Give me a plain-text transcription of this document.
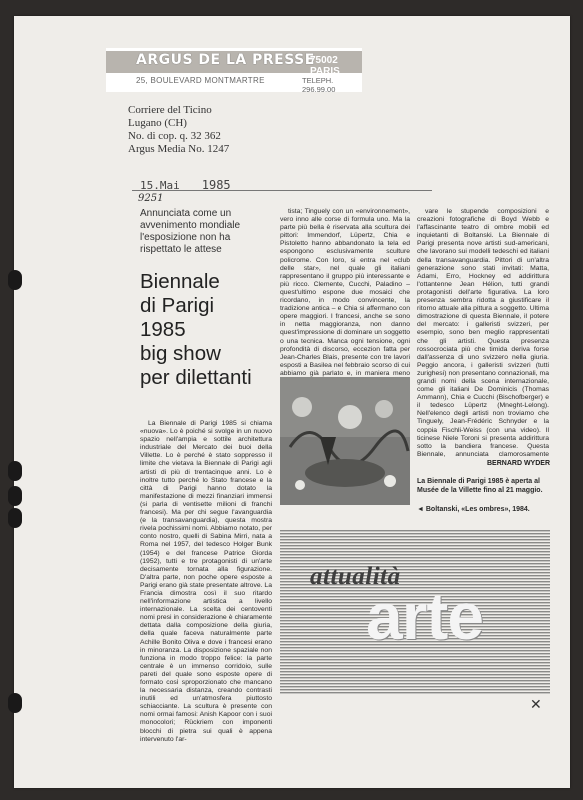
ARGUS DE LA PRESSE
75002 PARIS
25, BOULEVARD MONTMARTRE	TELEPH. 296.99.00
Corriere del Ticino
Lugano (CH)
No. di cop. q. 32 362
Argus Media No. 1247
15.Mai 1985
9251
Annunciata come un avvenimento mondiale l'esposizione non ha rispettato le attese
Biennale
di Parigi
1985
big show
per dilettanti

La Biennale di Parigi 1985 si chiama «nuova». Lo è poiché si svolge in un nuovo spazio nell'ampia e sottile architettura industriale del Mercato dei buoi della Villette. Lo è perché è stato soppresso il limite che vietava la Biennale di Parigi agli artisti di più di trentacinque anni. Lo è inoltre tutto perché lo Stato francese e la città di Parigi hanno dotato la manifestazione di mezzi finanziari immensi (si parla di ventisette milioni di franchi francesi). Ma per chi segue l'avanguardia (e la transavanguardia), questa mostra rivela pochissimi nomi. Abbiamo notato, per conto nostro, quelli di Sabina Mirri, nata a Roma nel 1957, del tedesco Holger Bunk (1954) e del francese Patrice Giorda (1952), tutti e tre protagonisti di un'arte decisamente tornata alla figurazione. D'altra parte, non poche opere esposte a Parigi erano già state presentate altrove. La Francia dimostra così il suo ritardo nell'informazione artistica a livello internazionale. La scelta dei centoventi nomi presi in considerazione è chiaramente dettata dalla composizione della giuria, della quale faceva naturalmente parte Achille Bonito Oliva e dove i francesi erano in minoranza. La disposizione spaziale non funziona in modo troppo felice: la parte centrale è un immenso corridoio, sulle pareti del quale sono esposte opere di formato così sproporzionato che mancano la necessaria distanza, creando contrasti inutili ed un'atmosfera piuttosto schiacciante. La scultura è presente con nomi ormai famosi: Anish Kapoor con i suoi monocolori; Rückriem con imponenti blocchi di pietra sui quali è appena intervenuto l'ar-

tista; Tinguely con un «environnement», vero inno alle corse di formula uno. Ma la parte più bella è riservata alla scultura dei pittori: Immendorf, Lüpertz, Chia e Pistoletto hanno abbandonato la tela ed espongono esclusivamente sculture policrome. Con loro, si entra nel «club delle star», nel quale gli italiani rappresentano il gruppo più interessante e più ricco. Clemente, Cucchi, Paladino – quest'ultimo espone due mosaici che ricordano, in modo convincente, la tradizione antica – e Chia si affermano con opere maggiori. I francesi, anche se sono in netta maggioranza, non danno quest'impressione di dominare un soggetto o una tecnica. Manca ogni tensione, ogni profondità di discorso, eccezion fatta per Jean-Charles Blais, presente con tre lavori esposti a Basilea nel febbraio scorso di cui abbiamo già parlato e, in maniera meno

vare le stupende composizioni e creazioni fotografiche di Boyd Webb e l'affascinante teatro di ombre mobili ed inquietanti di Boltanski. La Biennale di Parigi presenta nove artisti sud-americani, che lavorano sui modelli tedeschi ed italiani della transavanguardia. Pittori di un'altra generazione sono stati invitati: Matta, Adami, Erro, Hockney ed addirittura l'ottantenne Jean Hélion, tutti grandi protagonisti dell'arte figurativa. La loro presenza sembra ridotta a giustificare il ritorno attuale alla pittura a soggetto. Ultima dimostrazione di questa Biennale, il potere del mercato: i galleristi svizzeri, per esempio, sono ben meglio rappresentati che gli artisti. Questa presenza rossocrociata più che timida deriva forse dall'assenza di uno svizzero nella giuria. Peggio ancora, i galleristi svizzeri (tutti zurighesi) non presentano connazionali, ma grandi nomi della scena internazionale, come gli italiani De Dominicis (Thomas Ammann), Chia e Cucchi (Bischofberger) e il tedesco Lüpertz (Mneght-Lelong). Nell'elenco degli artisti non troviamo che Tinguely, Jean-Frédéric Schnyder e la coppia Fischli-Weiss (con una video). Il ticinese Niele Toroni si presenta addirittura sotto la bandiera francese. Questa Biennale, annunciata clamorosamente

BERNARD WYDER
La Biennale di Parigi 1985 è aperta al Musée de la Villette fino al 21 maggio.
◄ Boltanski, «Les ombres», 1984.
attualità
arte
✕
